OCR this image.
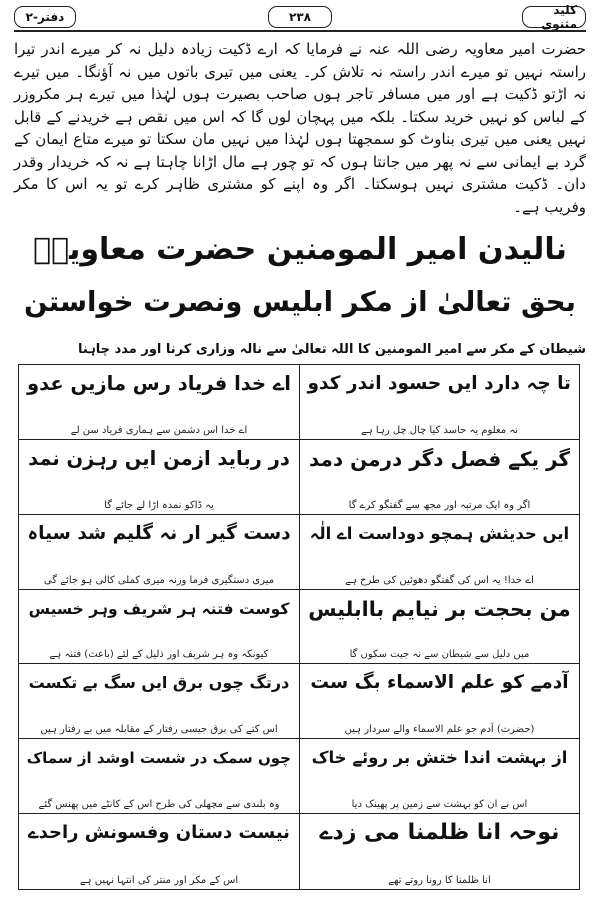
کلید مثنوی
۲۳۸
دفتر-۲
حضرت امیر معاویہ رضی اللہ عنہ نے فرمایا کہ ارے ڈکیت زیادہ دلیل نہ کر میرے اندر تیرا راستہ نہیں تو میرے اندر راستہ نہ تلاش کر۔ یعنی میں تیری باتوں میں نہ آؤنگا۔ میں تیرے نہ اڑتو ڈکیت ہے اور میں مسافر تاجر ہوں صاحب بصیرت ہوں لہٰذا میں تیرے ہر مکروزر کے لباس کو نہیں خرید سکتا۔ بلکہ میں پہچان لوں گا کہ اس میں نقص ہے خریدنے کے قابل نہیں یعنی میں تیری بناوٹ کو سمجھتا ہوں لہٰذا میں نہیں مان سکتا تو میرے متاع ایمان کے گرد بے ایمانی سے نہ پھر میں جانتا ہوں کہ تو چور ہے مال اڑانا چاہتا ہے نہ کہ خریدار وقدر دان۔ ڈکیت مشتری نہیں ہوسکتا۔ اگر وہ اپنے کو مشتری ظاہر کرے تو یہ اس کا مکر وفریب ہے۔
نالیدن امیر المومنین حضرت معاویہؓ
بحق تعالیٰ از مکر ابلیس ونصرت خواستن
شیطان کے مکر سے امیر المومنین کا اللہ تعالیٰ سے نالہ وزاری کرنا اور مدد چاہنا
تا چہ دارد ایں حسود اندر کدو
نہ معلوم یہ حاسد کیا چال چل رہا ہے
اے خدا فریاد رس مازیں عدو
اے خدا اس دشمن سے ہماری فریاد سن لے
گر یکے فصل دگر درمن دمد
اگر وہ ایک مرتبہ اور مجھ سے گفتگو کرے گا
در رباید ازمن ایں رہزن نمد
یہ ڈاکو نمدہ اڑا لے جائے گا
ایں حدیثش ہمچو دوداست اے الٰہ
اے خدا! یہ اس کی گفتگو دھوئیں کی طرح ہے
دست گیر ار نہ گلیم شد سیاہ
میری دستگیری فرما ورنہ میری کملی کالی ہو جائے گی
من بحجت بر نیایم باابلیس
میں دلیل سے شیطان سے نہ جیت سکوں گا
کوست فتنہ ہر شریف وہر خسیس
کیونکہ وہ ہر شریف اور ذلیل کے لئے (باعث) فتنہ ہے
آدمے کو علم الاسماء بگ ست
(حضرت) آدم جو علم الاسماء والے سردار ہیں
درتگ چوں برق ایں سگ بے تکست
اس کتے کی برق جیسی رفتار کے مقابلہ میں بے رفتار ہیں
از بہشت اندا ختش بر روئے خاک
اس نے ان کو بہشت سے زمین پر پھینک دیا
چوں سمک در شست اوشد از سماک
وہ بلندی سے مچھلی کی طرح اس کے کانٹے میں پھنس گئے
نوحہ انا ظلمنا می زدے
انا ظلمنا کا رونا روتے تھے
نیست دستان وفسونش راحدے
اس کے مکر اور منتر کی انتہا نہیں ہے
